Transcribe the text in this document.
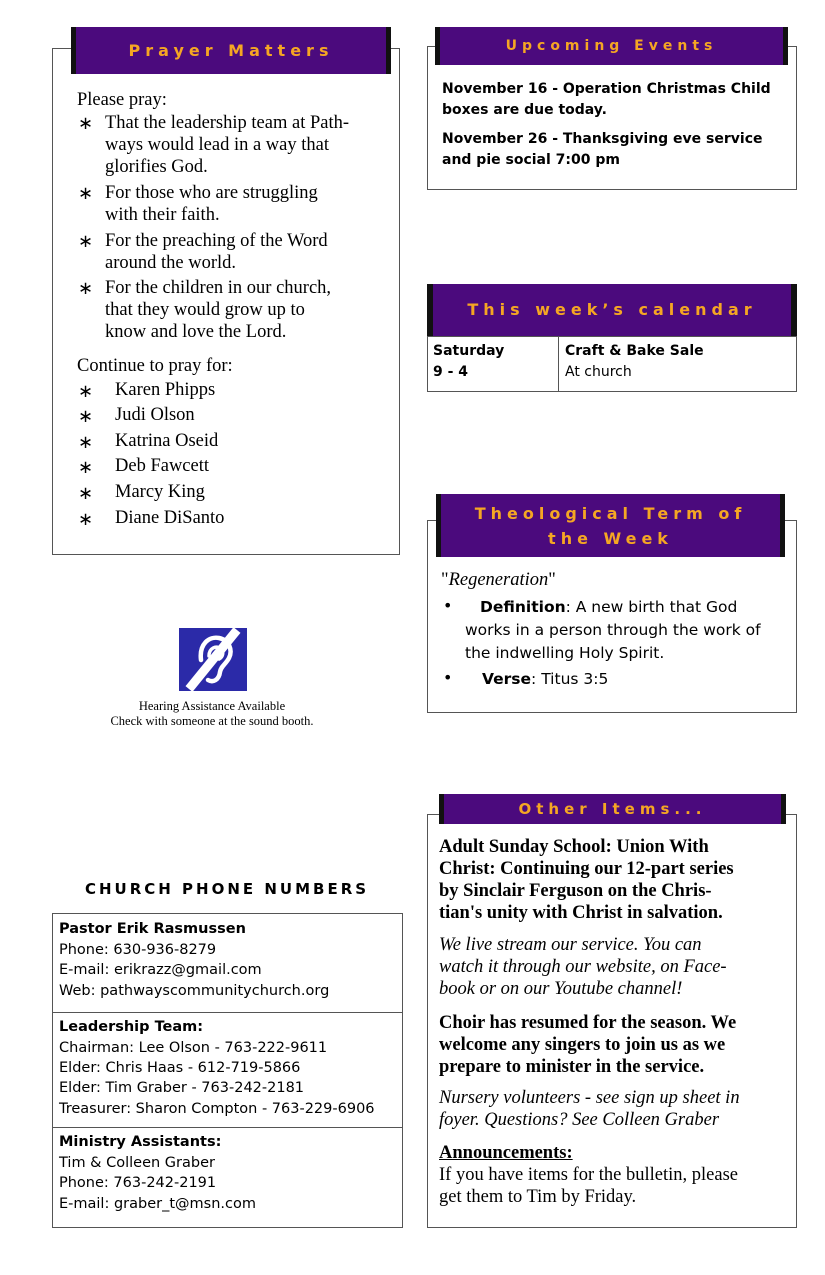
Prayer Matters
Please pray:
∗ That the leadership team at Path-
ways would lead in a way that
glorifies God.
∗ For those who are struggling
with their faith.
∗ For the preaching of the Word
around the world.
∗ For the children in our church,
that they would grow up to
know and love the Lord.
Continue to pray for:
∗ Karen Phipps
∗ Judi Olson
∗ Katrina Oseid
∗ Deb Fawcett
∗ Marcy King
∗ Diane DiSanto
Upcoming Events
November 16 - Operation Christmas Child boxes are due today.
November 26 - Thanksgiving eve service and pie social 7:00 pm
This week’s calendar
Saturday
9 - 4
Craft & Bake Sale
At church
Theological Term of
the Week
"Regeneration"
• Definition: A new birth that God
works in a person through the work of
the indwelling Holy Spirit.
• Verse: Titus 3:5
Hearing Assistance Available
Check with someone at the sound booth.
Other Items...
Adult Sunday School: Union With
Christ: Continuing our 12-part series
by Sinclair Ferguson on the Chris-
tian's unity with Christ in salvation.
We live stream our service. You can
watch it through our website, on Face-
book or on our Youtube channel!
Choir has resumed for the season. We
welcome any singers to join us as we
prepare to minister in the service.
Nursery volunteers - see sign up sheet in
foyer. Questions? See Colleen Graber
Announcements:
If you have items for the bulletin, please
get them to Tim by Friday.
CHURCH PHONE NUMBERS
Pastor Erik Rasmussen
Phone: 630-936-8279
E-mail: erikrazz@gmail.com
Web: pathwayscommunitychurch.org
Leadership Team:
Chairman: Lee Olson - 763-222-9611
Elder: Chris Haas - 612-719-5866
Elder: Tim Graber - 763-242-2181
Treasurer: Sharon Compton - 763-229-6906
Ministry Assistants:
Tim & Colleen Graber
Phone: 763-242-2191
E-mail: graber_t@msn.com
